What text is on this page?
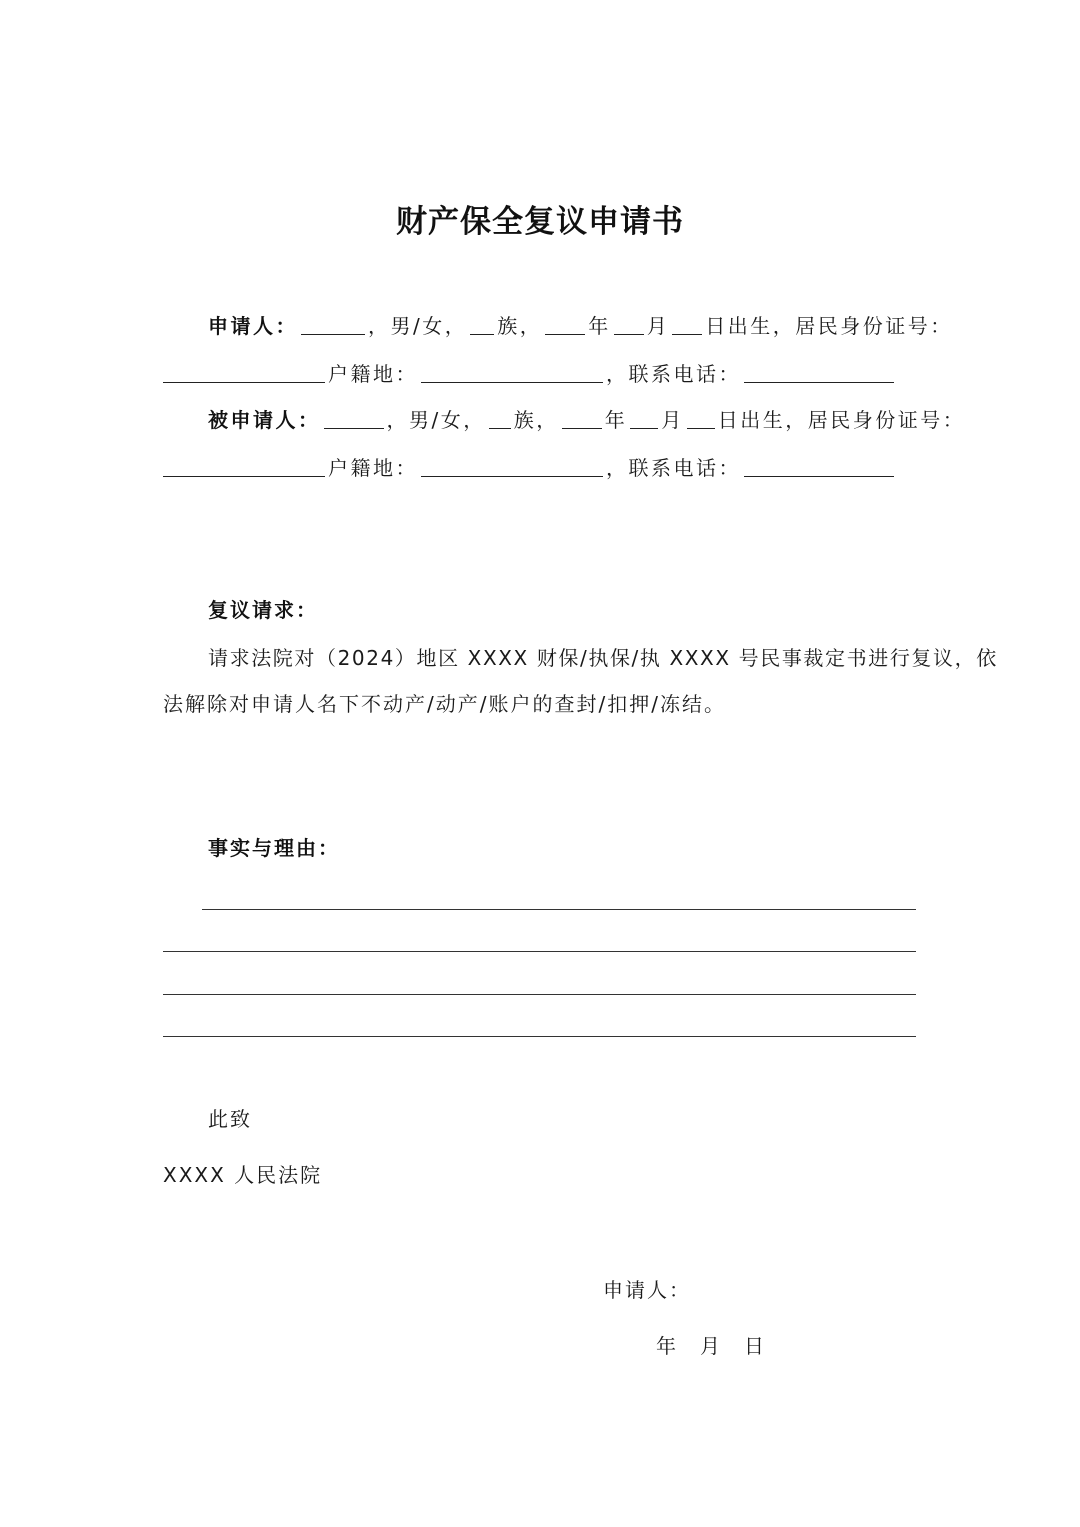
财产保全复议申请书
申请人：	，男/女， 族， 年 月 日出生，居民身份证号：
户籍地：	，联系电话：
被申请人：	，男/女， 族， 年 月 日出生，居民身份证号：
户籍地：	，联系电话：
复议请求：
请求法院对（2024）地区 XXXX 财保/执保/执 XXXX 号民事裁定书进行复议，依
法解除对申请人名下不动产/动产/账户的查封/扣押/冻结。
事实与理由：
此致
XXXX 人民法院
申请人：
年 月 日
